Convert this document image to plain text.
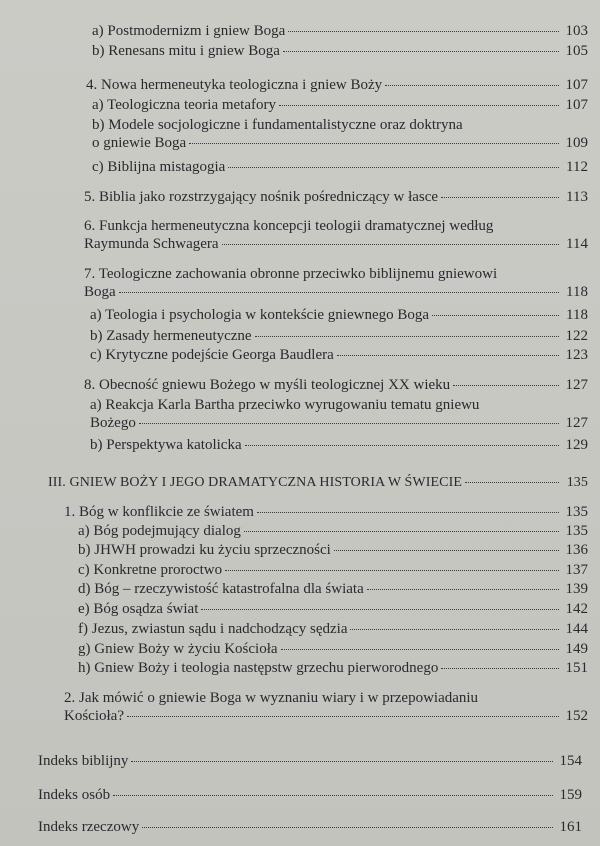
a) Postmodernizm i gniew Boga	103
b) Renesans mitu i gniew Boga	105
4. Nowa hermeneutyka teologiczna i gniew Boży	107
a) Teologiczna teoria metafory	107
b) Modele socjologiczne i fundamentalistyczne oraz doktryna
o gniewie Boga	109
c) Biblijna mistagogia	112
5. Biblia jako rozstrzygający nośnik pośredniczący w łasce	113
6. Funkcja hermeneutyczna koncepcji teologii dramatycznej według
Raymunda Schwagera	114
7. Teologiczne zachowania obronne przeciwko biblijnemu gniewowi
Boga	118
a) Teologia i psychologia w kontekście gniewnego Boga	118
b) Zasady hermeneutyczne	122
c) Krytyczne podejście Georga Baudlera	123
8. Obecność gniewu Bożego w myśli teologicznej XX wieku	127
a) Reakcja Karla Bartha przeciwko wyrugowaniu tematu gniewu
Bożego	127
b) Perspektywa katolicka	129
III. GNIEW BOŻY I JEGO DRAMATYCZNA HISTORIA W ŚWIECIE	135
1. Bóg w konflikcie ze światem	135
a) Bóg podejmujący dialog	135
b) JHWH prowadzi ku życiu sprzeczności	136
c) Konkretne proroctwo	137
d) Bóg – rzeczywistość katastrofalna dla świata	139
e) Bóg osądza świat	142
f) Jezus, zwiastun sądu i nadchodzący sędzia	144
g) Gniew Boży w życiu Kościoła	149
h) Gniew Boży i teologia następstw grzechu pierworodnego	151
2. Jak mówić o gniewie Boga w wyznaniu wiary i w przepowiadaniu
Kościoła?	152
Indeks biblijny	154
Indeks osób	159
Indeks rzeczowy	161
